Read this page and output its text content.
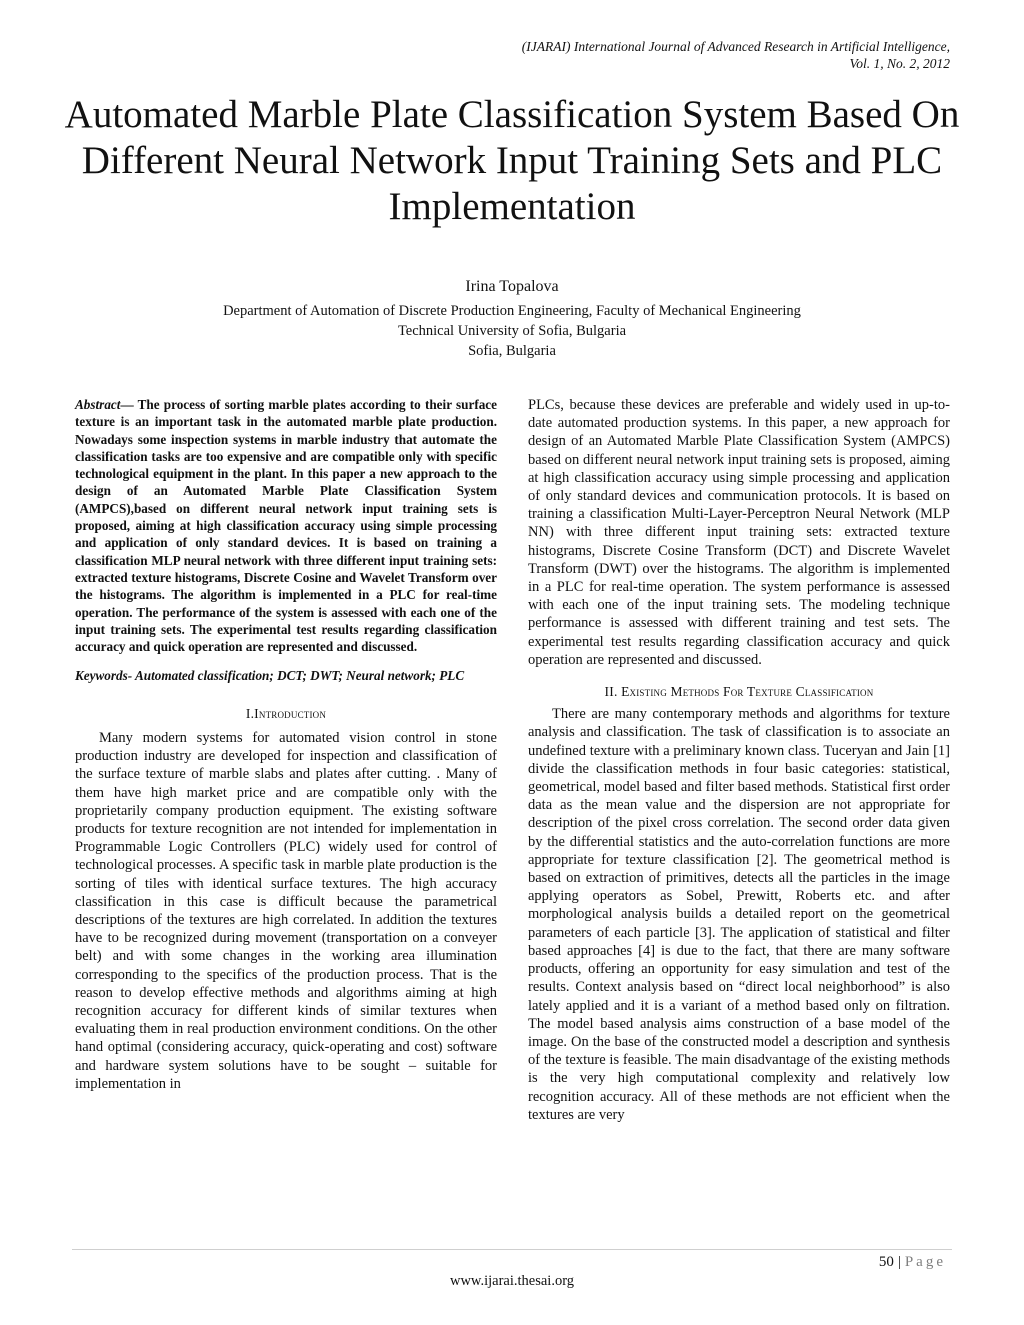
(IJARAI) International Journal of Advanced Research in Artificial Intelligence,
Vol. 1, No. 2, 2012
Automated Marble Plate Classification System Based On Different Neural Network Input Training Sets and PLC Implementation
Irina Topalova
Department of Automation of Discrete Production Engineering, Faculty of Mechanical Engineering
Technical University of Sofia, Bulgaria
Sofia, Bulgaria

Abstract— The process of sorting marble plates according to their surface texture is an important task in the automated marble plate production. Nowadays some inspection systems in marble industry that automate the classification tasks are too expensive and are compatible only with specific technological equipment in the plant. In this paper a new approach to the design of an Automated Marble Plate Classification System (AMPCS),based on different neural network input training sets is proposed, aiming at high classification accuracy using simple processing and application of only standard devices. It is based on training a classification MLP neural network with three different input training sets: extracted texture histograms, Discrete Cosine and Wavelet Transform over the histograms. The algorithm is implemented in a PLC for real-time operation. The performance of the system is assessed with each one of the input training sets. The experimental test results regarding classification accuracy and quick operation are represented and discussed.

Keywords- Automated classification; DCT; DWT; Neural network; PLC

I.Introduction

Many modern systems for automated vision control in stone production industry are developed for inspection and classification of the surface texture of marble slabs and plates after cutting. . Many of them have high market price and are compatible only with the proprietarily company production equipment. The existing software products for texture recognition are not intended for implementation in Programmable Logic Controllers (PLC) widely used for control of technological processes. A specific task in marble plate production is the sorting of tiles with identical surface textures. The high accuracy classification in this case is difficult because the parametrical descriptions of the textures are high correlated. In addition the textures have to be recognized during movement (transportation on a conveyer belt) and with some changes in the working area illumination corresponding to the specifics of the production process. That is the reason to develop effective methods and algorithms aiming at high recognition accuracy for different kinds of similar textures when evaluating them in real production environment conditions. On the other hand optimal (considering accuracy, quick-operating and cost) software and hardware system solutions have to be sought – suitable for implementation in

PLCs, because these devices are preferable and widely used in up-to-date automated production systems. In this paper, a new approach for design of an Automated Marble Plate Classification System (AMPCS) based on different neural network input training sets is proposed, aiming at high classification accuracy using simple processing and application of only standard devices and communication protocols. It is based on training a classification Multi-Layer-Perceptron Neural Network (MLP NN) with three different input training sets: extracted texture histograms, Discrete Cosine Transform (DCT) and Discrete Wavelet Transform (DWT) over the histograms. The algorithm is implemented in a PLC for real-time operation. The system performance is assessed with each one of the input training sets. The modeling technique performance is assessed with different training and test sets. The experimental test results regarding classification accuracy and quick operation are represented and discussed.

II. Existing Methods For Texture Classification

There are many contemporary methods and algorithms for texture analysis and classification. The task of classification is to associate an undefined texture with a preliminary known class. Tuceryan and Jain [1] divide the classification methods in four basic categories: statistical, geometrical, model based and filter based methods. Statistical first order data as the mean value and the dispersion are not appropriate for description of the pixel cross correlation. The second order data given by the differential statistics and the auto-correlation functions are more appropriate for texture classification [2]. The geometrical method is based on extraction of primitives, detects all the particles in the image applying operators as Sobel, Prewitt, Roberts etc. and after morphological analysis builds a detailed report on the geometrical parameters of each particle [3]. The application of statistical and filter based approaches [4] is due to the fact, that there are many software products, offering an opportunity for easy simulation and test of the results. Context analysis based on “direct local neighborhood” is also lately applied and it is a variant of a method based only on filtration. The model based analysis aims construction of a base model of the image. On the base of the constructed model a description and synthesis of the texture is feasible. The main disadvantage of the existing methods is the very high computational complexity and relatively low recognition accuracy. All of these methods are not efficient when the textures are very

50 | Page
www.ijarai.thesai.org
